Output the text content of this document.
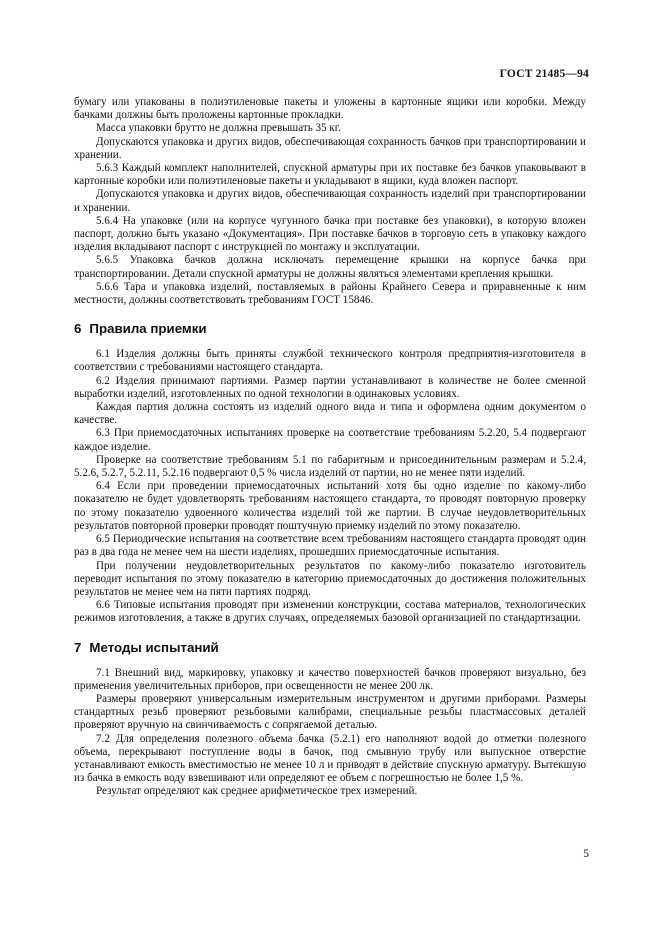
ГОСТ 21485—94

бумагу или упакованы в полиэтиленовые пакеты и уложены в картонные ящики или коробки. Между бачками должны быть проложены картонные прокладки.

Масса упаковки брутто не должна превышать 35 кг.

Допускаются упаковка и других видов, обеспечивающая сохранность бачков при транспортировании и хранении.

5.6.3 Каждый комплект наполнителей, спускной арматуры при их поставке без бачков упаковывают в картонные коробки или полиэтиленовые пакеты и укладывают в ящики, куда вложен паспорт.

Допускаются упаковка и других видов, обеспечивающая сохранность изделий при транспортировании и хранении.

5.6.4 На упаковке (или на корпусе чугунного бачка при поставке без упаковки), в которую вложен паспорт, должно быть указано «Документация». При поставке бачков в торговую сеть в упаковку каждого изделия вкладывают паспорт с инструкцией по монтажу и эксплуатации.

5.6.5 Упаковка бачков должна исключать перемещение крышки на корпусе бачка при транспортировании. Детали спускной арматуры не должны являться элементами крепления крышки.

5.6.6 Тара и упаковка изделий, поставляемых в районы Крайнего Севера и приравненные к ним местности, должны соответствовать требованиям ГОСТ 15846.

6 Правила приемки

6.1 Изделия должны быть приняты службой технического контроля предприятия-изготовителя в соответствии с требованиями настоящего стандарта.

6.2 Изделия принимают партиями. Размер партии устанавливают в количестве не более сменной выработки изделий, изготовленных по одной технологии в одинаковых условиях.

Каждая партия должна состоять из изделий одного вида и типа и оформлена одним документом о качестве.

6.3 При приемосдаточных испытаниях проверке на соответствие требованиям 5.2.20, 5.4 подвергают каждое изделие.

Проверке на соответствие требованиям 5.1 по габаритным и присоединительным размерам и 5.2.4, 5.2.6, 5.2.7, 5.2.11, 5.2.16 подвергают 0,5 % числа изделий от партии, но не менее пяти изделий.

6.4 Если при проведении приемосдаточных испытаний хотя бы одно изделие по какому-либо показателю не будет удовлетворять требованиям настоящего стандарта, то проводят повторную проверку по этому показателю удвоенного количества изделий той же партии. В случае неудовлетворительных результатов повторной проверки проводят поштучную приемку изделий по этому показателю.

6.5 Периодические испытания на соответствие всем требованиям настоящего стандарта проводят один раз в два года не менее чем на шести изделиях, прошедших приемосдаточные испытания.

При получении неудовлетворительных результатов по какому-либо показателю изготовитель переводит испытания по этому показателю в категорию приемосдаточных до достижения положительных результатов не менее чем на пяти партиях подряд.

6.6 Типовые испытания проводят при изменении конструкции, состава материалов, технологических режимов изготовления, а также в других случаях, определяемых базовой организацией по стандартизации.

7 Методы испытаний

7.1 Внешний вид, маркировку, упаковку и качество поверхностей бачков проверяют визуально, без применения увеличительных приборов, при освещенности не менее 200 лк.

Размеры проверяют универсальным измерительным инструментом и другими приборами. Размеры стандартных резьб проверяют резьбовыми калибрами, специальные резьбы пластмассовых деталей проверяют вручную на свинчиваемость с сопрягаемой деталью.

7.2 Для определения полезного объема бачка (5.2.1) его наполняют водой до отметки полезного объема, перекрывают поступление воды в бачок, под смывную трубу или выпускное отверстие устанавливают емкость вместимостью не менее 10 л и приводят в действие спускную арматуру. Вытекшую из бачка в емкость воду взвешивают или определяют ее объем с погрешностью не более 1,5 %.

Результат определяют как среднее арифметическое трех измерений.

5
